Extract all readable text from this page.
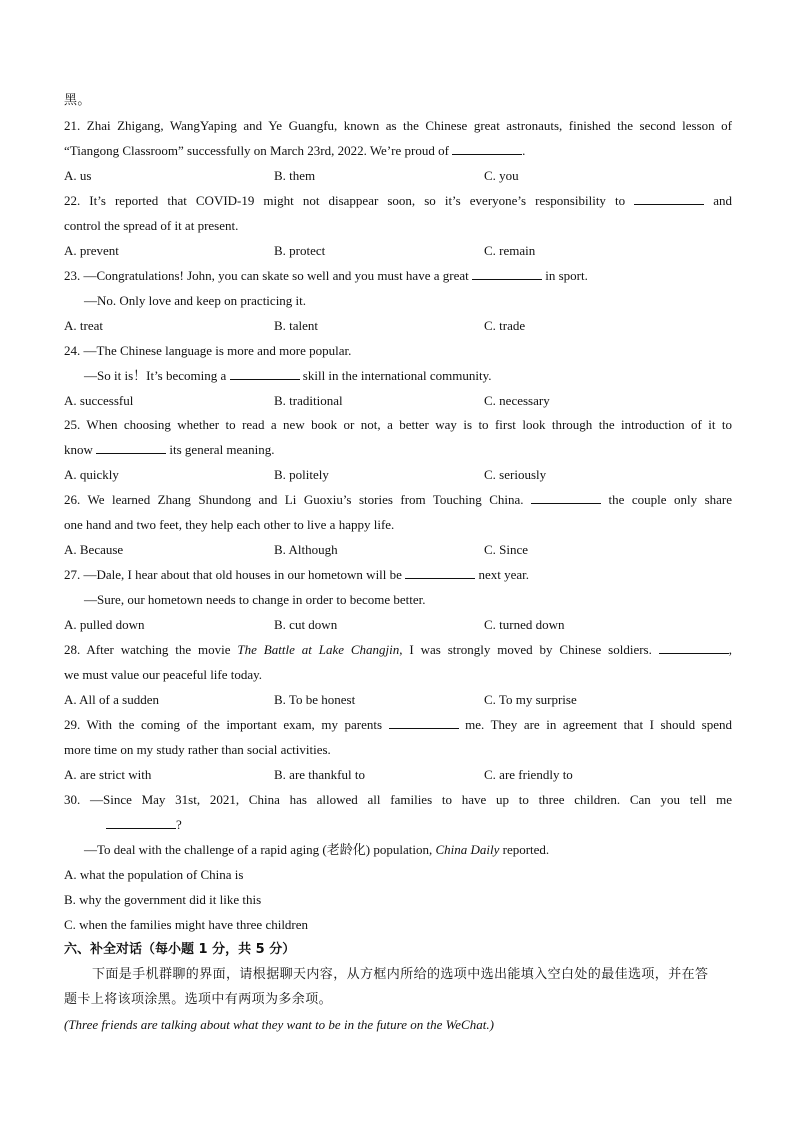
黑。
21. Zhai Zhigang, WangYaping and Ye Guangfu, known as the Chinese great astronauts, finished the second lesson of
“Tiangong Classroom” successfully on March 23rd, 2022. We’re proud of	.
A. us	B. them	C. you
22. It’s reported that COVID-19 might not disappear soon, so it’s everyone’s responsibility to	and
control the spread of it at present.
A. prevent	B. protect	C. remain
23. —Congratulations! John, you can skate so well and you must have a great	in sport.
—No. Only love and keep on practicing it.
A. treat	B. talent	C. trade
24. —The Chinese language is more and more popular.
—So it is！It’s becoming a	skill in the international community.
A. successful	B. traditional	C. necessary
25. When choosing whether to read a new book or not, a better way is to first look through the introduction of it to
know	its general meaning.
A. quickly	B. politely	C. seriously
26. We learned Zhang Shundong and Li Guoxiu’s stories from Touching China.	the couple only share
one hand and two feet, they help each other to live a happy life.
A. Because	B. Although	C. Since
27. —Dale, I hear about that old houses in our hometown will be	next year.
—Sure, our hometown needs to change in order to become better.
A. pulled down	B. cut down	C. turned down
28. After watching the movie The Battle at Lake Changjin, I was strongly moved by Chinese soldiers.	,
we must value our peaceful life today.
A. All of a sudden	B. To be honest	C. To my surprise
29. With the coming of the important exam, my parents	me. They are in agreement that I should spend
more time on my study rather than social activities.
A. are strict with	B. are thankful to	C. are friendly to
30. —Since May 31st, 2021, China has allowed all families to have up to three children. Can you tell me
?
—To deal with the challenge of a rapid aging (老龄化) population, China Daily reported.
A. what the population of China is
B. why the government did it like this
C. when the families might have three children
六、补全对话（每小题 1 分，共 5 分）
下面是手机群聊的界面，请根据聊天内容，从方框内所给的选项中选出能填入空白处的最佳选项，并在答
题卡上将该项涂黑。选项中有两项为多余项。
(Three friends are talking about what they want to be in the future on the WeChat.)
